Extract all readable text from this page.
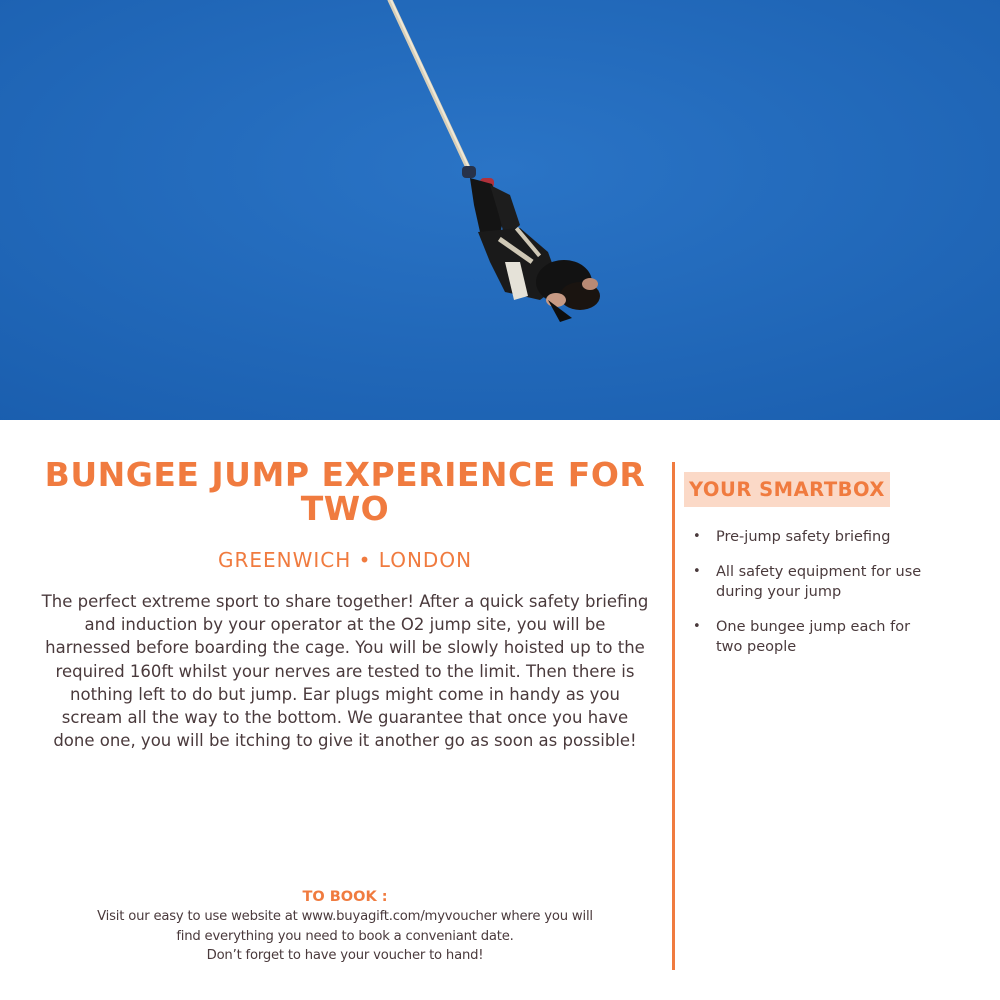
BUNGEE JUMP EXPERIENCE FOR TWO
GREENWICH • LONDON

The perfect extreme sport to share together! After a quick safety briefing and induction by your operator at the O2 jump site, you will be harnessed before boarding the cage. You will be slowly hoisted up to the required 160ft whilst your nerves are tested to the limit. Then there is nothing left to do but jump. Ear plugs might come in handy as you scream all the way to the bottom. We guarantee that once you have done one, you will be itching to give it another go as soon as possible!

TO BOOK :
Visit our easy to use website at www.buyagift.com/myvoucher where you will
find everything you need to book a conveniant date.
Don’t forget to have your voucher to hand!
YOUR SMARTBOX
• Pre-jump safety briefing
• All safety equipment for use during your jump
• One bungee jump each for two people
